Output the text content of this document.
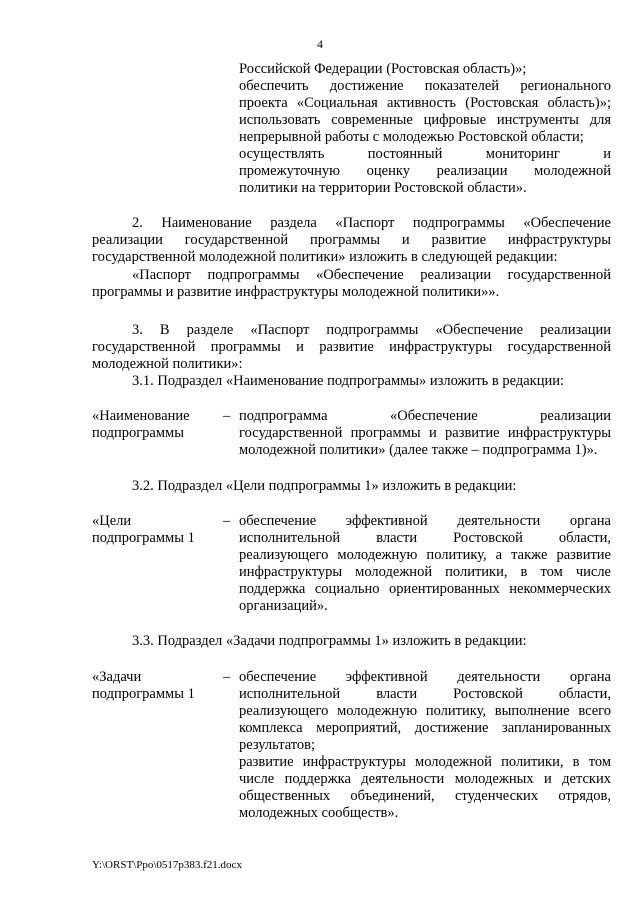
4
Российской Федерации (Ростовская область)»;
обеспечить достижение показателей регионального
проекта «Социальная активность (Ростовская область)»;
использовать современные цифровые инструменты для
непрерывной работы с молодежью Ростовской области;
осуществлять постоянный мониторинг и
промежуточную оценку реализации молодежной
политики на территории Ростовской области».
2. Наименование раздела «Паспорт подпрограммы «Обеспечение
реализации государственной программы и развитие инфраструктуры
государственной молодежной политики» изложить в следующей редакции:
«Паспорт подпрограммы «Обеспечение реализации государственной
программы и развитие инфраструктуры молодежной политики»».
3. В разделе «Паспорт подпрограммы «Обеспечение реализации
государственной программы и развитие инфраструктуры государственной
молодежной политики»:
3.1. Подраздел «Наименование подпрограммы» изложить в редакции:
«Наименование
подпрограммы
– подпрограмма «Обеспечение реализации
государственной программы и развитие инфраструктуры
молодежной политики» (далее также – подпрограмма 1)».
3.2. Подраздел «Цели подпрограммы 1» изложить в редакции:
«Цели
подпрограммы 1
– обеспечение эффективной деятельности органа
исполнительной власти Ростовской области,
реализующего молодежную политику, а также развитие
инфраструктуры молодежной политики, в том числе
поддержка социально ориентированных некоммерческих
организаций».
3.3. Подраздел «Задачи подпрограммы 1» изложить в редакции:
«Задачи
подпрограммы 1
– обеспечение эффективной деятельности органа
исполнительной власти Ростовской области,
реализующего молодежную политику, выполнение всего
комплекса мероприятий, достижение запланированных
результатов;
развитие инфраструктуры молодежной политики, в том
числе поддержка деятельности молодежных и детских
общественных объединений, студенческих отрядов,
молодежных сообществ».
Y:\ORST\Ppo\0517p383.f21.docx
